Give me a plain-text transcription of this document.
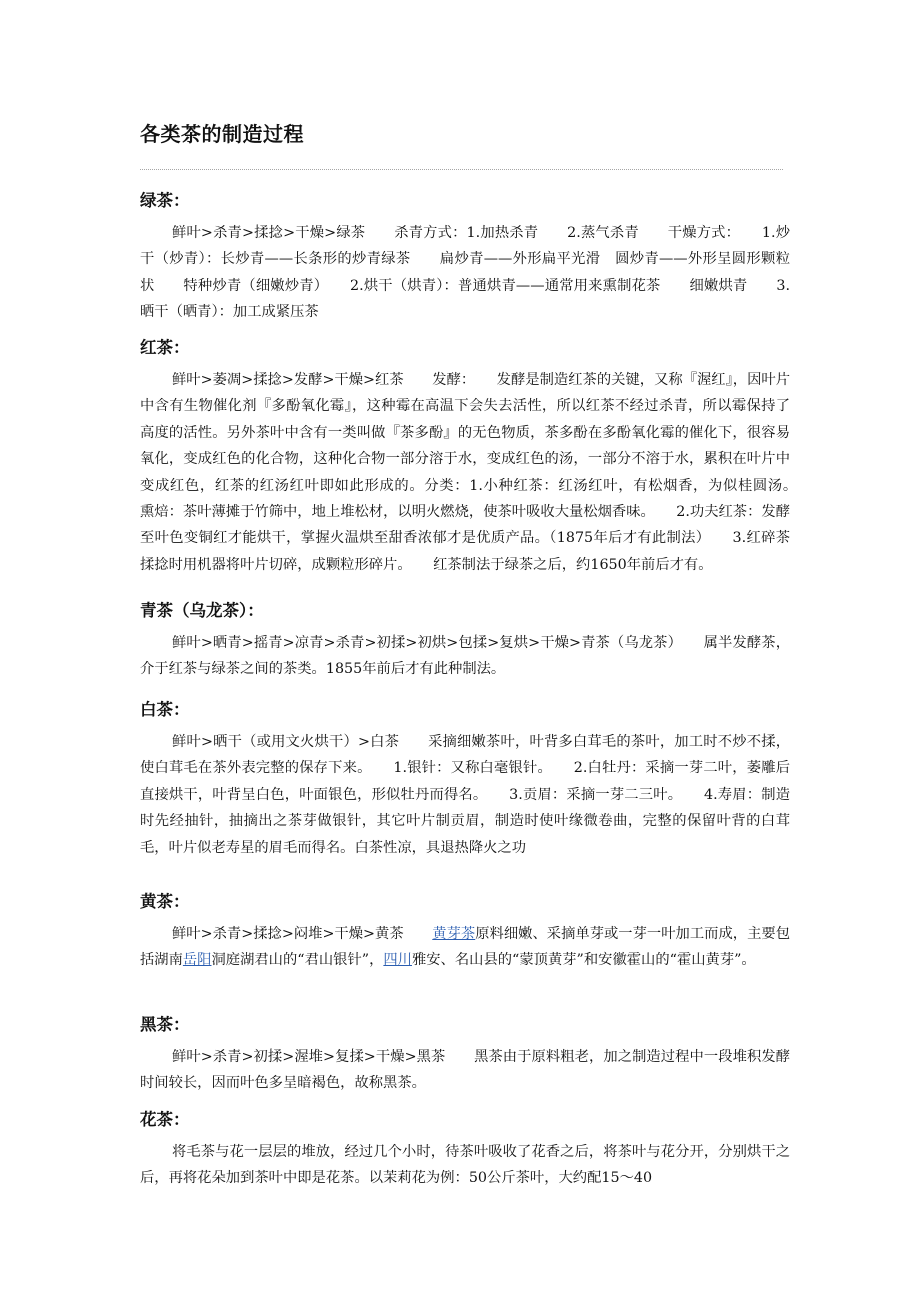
各类茶的制造过程
绿茶：

鲜叶>杀青>揉捻>干燥>绿茶　　杀青方式：1.加热杀青　　2.蒸气杀青　　干燥方式：　　1.炒干（炒青）：长炒青——长条形的炒青绿茶　　扁炒青——外形扁平光滑　圆炒青——外形呈圆形颗粒状　　特种炒青（细嫩炒青）　　2.烘干（烘青）：普通烘青——通常用来熏制花茶　　细嫩烘青　　3.晒干（晒青）：加工成紧压茶

红茶：

鲜叶>萎凋>揉捻>发酵>干燥>红茶　　发酵：　　发酵是制造红茶的关键，又称『渥红』，因叶片中含有生物催化剂『多酚氧化霉』，这种霉在高温下会失去活性，所以红茶不经过杀青，所以霉保持了高度的活性。另外茶叶中含有一类叫做『茶多酚』的无色物质，茶多酚在多酚氧化霉的催化下，很容易氧化，变成红色的化合物，这种化合物一部分溶于水，变成红色的汤，一部分不溶于水，累积在叶片中变成红色，红茶的红汤红叶即如此形成的。分类：1.小种红茶：红汤红叶，有松烟香，为似桂圆汤。　　熏焙：茶叶薄摊于竹筛中，地上堆松材，以明火燃烧，使茶叶吸收大量松烟香味。　　2.功夫红茶：发酵至叶色变铜红才能烘干，掌握火温烘至甜香浓郁才是优质产品。（1875年后才有此制法）　　3.红碎茶揉捻时用机器将叶片切碎，成颗粒形碎片。　　红茶制法于绿茶之后，约1650年前后才有。

青茶（乌龙茶）：

鲜叶>晒青>摇青>凉青>杀青>初揉>初烘>包揉>复烘>干燥>青茶（乌龙茶）　　属半发酵茶，介于红茶与绿茶之间的茶类。1855年前后才有此种制法。

白茶：

鲜叶>晒干（或用文火烘干）>白茶　　采摘细嫩茶叶，叶背多白茸毛的茶叶，加工时不炒不揉，使白茸毛在茶外表完整的保存下来。　　1.银针：又称白毫银针。　　2.白牡丹：采摘一芽二叶，萎雕后直接烘干，叶背呈白色，叶面银色，形似牡丹而得名。　　3.贡眉：采摘一芽二三叶。　　4.寿眉：制造时先经抽针，抽摘出之茶芽做银针，其它叶片制贡眉，制造时使叶缘微卷曲，完整的保留叶背的白茸毛，叶片似老寿星的眉毛而得名。白茶性凉，具退热降火之功

黄茶：

鲜叶>杀青>揉捻>闷堆>干燥>黄茶　　黄芽茶原料细嫩、采摘单芽或一芽一叶加工而成，主要包括湖南岳阳洞庭湖君山的“君山银针”，四川雅安、名山县的“蒙顶黄芽”和安徽霍山的“霍山黄芽”。

黑茶：

鲜叶>杀青>初揉>渥堆>复揉>干燥>黑茶　　黑茶由于原料粗老，加之制造过程中一段堆积发酵时间较长，因而叶色多呈暗褐色，故称黑茶。

花茶：

将毛茶与花一层层的堆放，经过几个小时，待茶叶吸收了花香之后，将茶叶与花分开，分别烘干之后，再将花朵加到茶叶中即是花茶。以茉莉花为例：50公斤茶叶，大约配15～40
